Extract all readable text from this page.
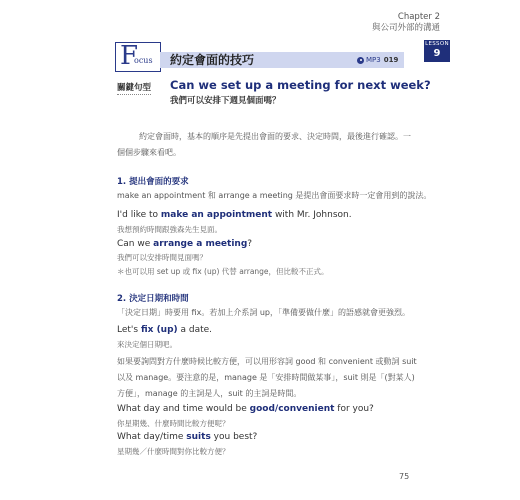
Chapter 2
與公司外部的溝通
LESSON
9
F
ocus 約定會面的技巧	MP3 019
關鍵句型 Can we set up a meeting for next week?
我們可以安排下週見個面嗎？
約定會面時，基本的順序是先提出會面的要求、決定時間，最後進行確認。一個個步驟來看吧。
1. 提出會面的要求
make an appointment 和 arrange a meeting 是提出會面要求時一定會用到的說法。
I'd like to make an appointment with Mr. Johnson.
我想預約時間跟強森先生見面。
Can we arrange a meeting?
我們可以安排時間見面嗎？
＊也可以用 set up 或 fix (up) 代替 arrange，但比較不正式。
2. 決定日期和時間
「決定日期」時要用 fix。若加上介系詞 up，「準備要做什麼」的語感就會更強烈。
Let's fix (up) a date.
來決定個日期吧。
如果要詢問對方什麼時候比較方便，可以用形容詞 good 和 convenient 或動詞 suit 以及 manage。要注意的是，manage 是「安排時間做某事」，suit 則是「(對某人) 方便」，manage 的主詞是人，suit 的主詞是時間。
What day and time would be good/convenient for you?
你星期幾、什麼時間比較方便呢？
What day/time suits you best?
星期幾／什麼時間對你比較方便？
75
